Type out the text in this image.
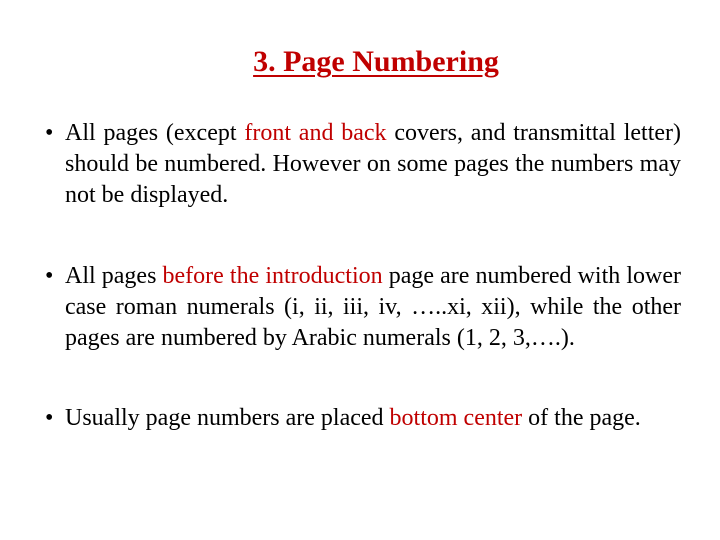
3. Page Numbering
• All pages (except front and back covers, and transmittal letter) should be numbered. However on some pages the numbers may not be displayed.
• All pages before the introduction page are numbered with lower case roman numerals (i, ii, iii, iv, …..xi, xii), while the other pages are numbered by Arabic numerals (1, 2, 3,….).
• Usually page numbers are placed bottom center of the page.
